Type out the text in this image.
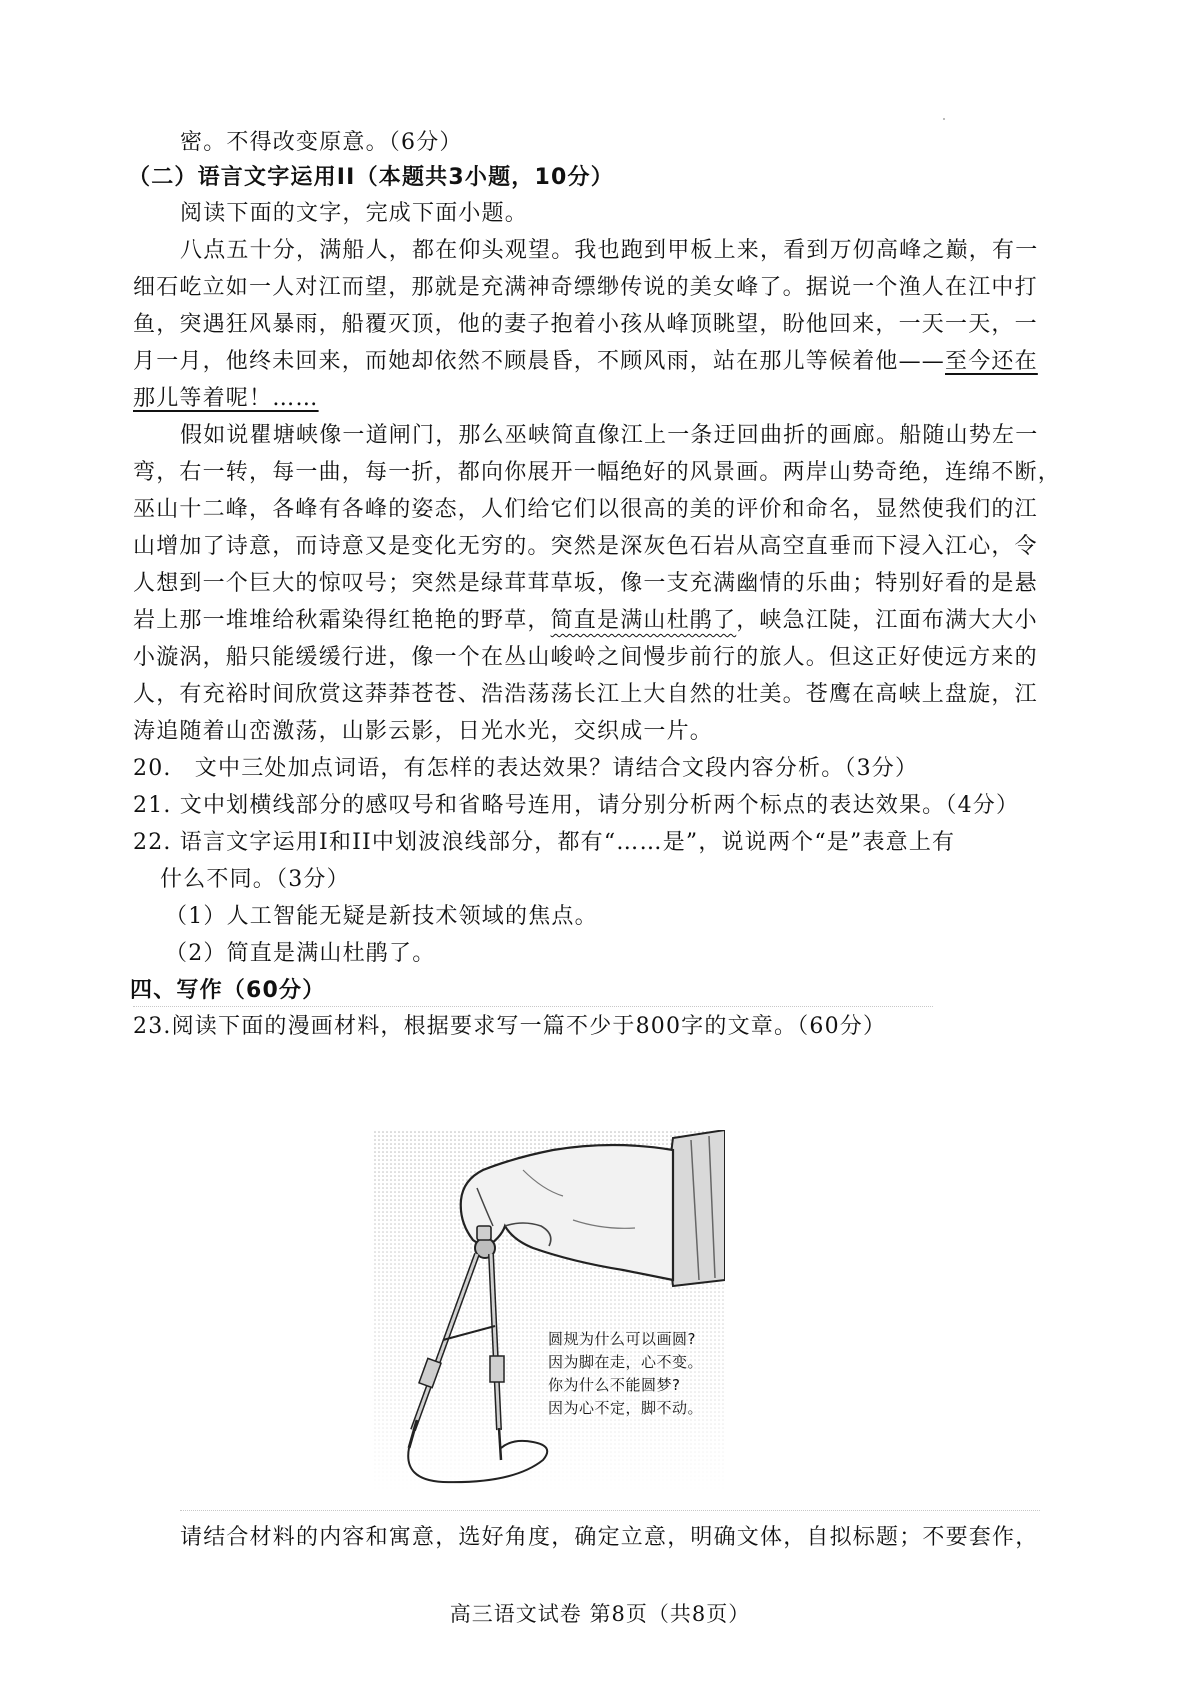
密。不得改变原意。（6分）
（二）语言文字运用II（本题共3小题，10分）
阅读下面的文字，完成下面小题。
八点五十分，满船人，都在仰头观望。我也跑到甲板上来，看到万仞高峰之巅，有一
细石屹立如一人对江而望，那就是充满神奇缥缈传说的美女峰了。据说一个渔人在江中打
鱼，突遇狂风暴雨，船覆灭顶，他的妻子抱着小孩从峰顶眺望，盼他回来，一天一天，一
月一月，他终未回来，而她却依然不顾晨昏，不顾风雨，站在那儿等候着他——至今还在
那儿等着呢！……
假如说瞿塘峡像一道闸门，那么巫峡简直像江上一条迂回曲折的画廊。船随山势左一
弯，右一转，每一曲，每一折，都向你展开一幅绝好的风景画。两岸山势奇绝，连绵不断，
巫山十二峰，各峰有各峰的姿态，人们给它们以很高的美的评价和命名，显然使我们的江
山增加了诗意，而诗意又是变化无穷的。突然是深灰色石岩从高空直垂而下浸入江心，令
人想到一个巨大的惊叹号；突然是绿茸茸草坂，像一支充满幽情的乐曲；特别好看的是悬
岩上那一堆堆给秋霜染得红艳艳的野草，简直是满山杜鹃了，峡急江陡，江面布满大大小
小漩涡，船只能缓缓行进，像一个在丛山峻岭之间慢步前行的旅人。但这正好使远方来的
人，有充裕时间欣赏这莽莽苍苍、浩浩荡荡长江上大自然的壮美。苍鹰在高峡上盘旋，江
涛追随着山峦激荡，山影云影，日光水光，交织成一片。
20.　文中三处加点词语，有怎样的表达效果？请结合文段内容分析。（3分）
21. 文中划横线部分的感叹号和省略号连用，请分别分析两个标点的表达效果。（4分）
22. 语言文字运用I和II中划波浪线部分，都有“……是”，说说两个“是”表意上有
什么不同。（3分）
（1）人工智能无疑是新技术领域的焦点。
（2）简直是满山杜鹃了。
四、写作（60分）
23.阅读下面的漫画材料，根据要求写一篇不少于800字的文章。（60分）
圆规为什么可以画圆?
因为脚在走，心不变。
你为什么不能圆梦?
因为心不定，脚不动。
请结合材料的内容和寓意，选好角度，确定立意，明确文体，自拟标题；不要套作，
高三语文试卷 第8页（共8页）
